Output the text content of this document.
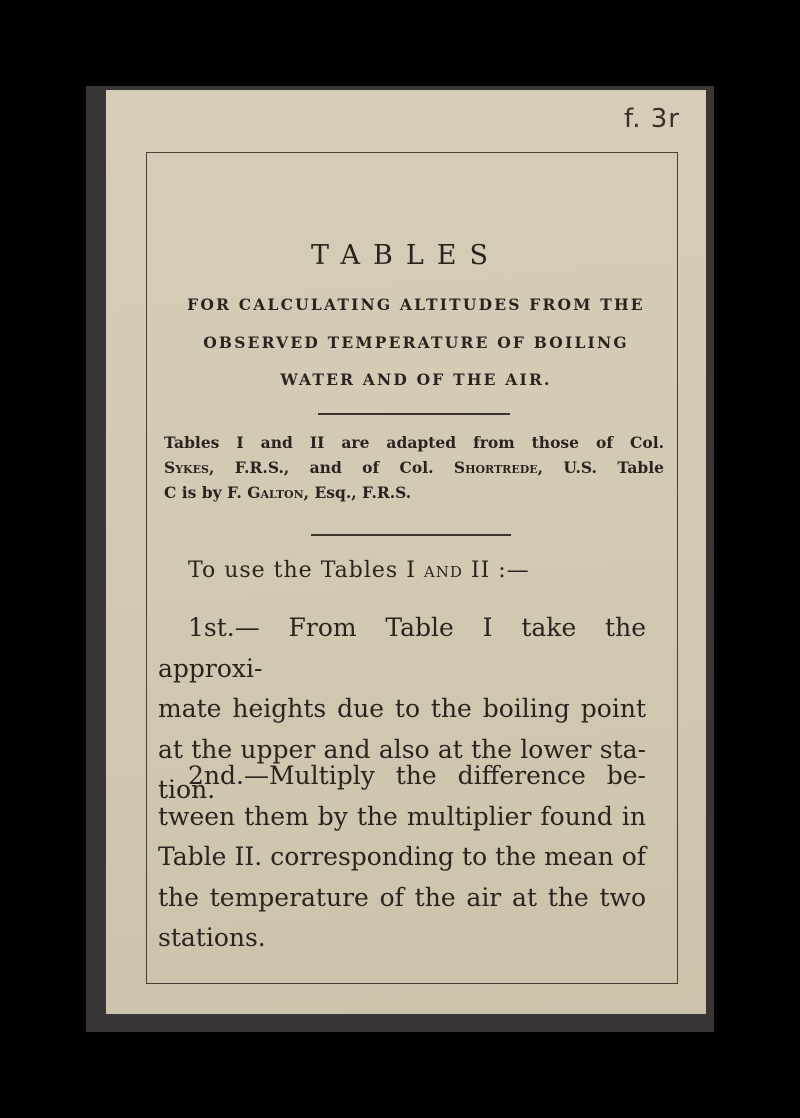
f. 3r
TABLES
FOR CALCULATING ALTITUDES FROM THE
OBSERVED TEMPERATURE OF BOILING
WATER AND OF THE AIR.
Tables I and II are adapted from those of Col.
Sykes, F.R.S., and of Col. Shortrede, U.S. Table
C is by F. Galton, Esq., F.R.S.
To use the Tables I and II :—
1st.— From Table I take the approxi-
mate heights due to the boiling point
at the upper and also at the lower sta-
tion.
2nd.—Multiply the difference be-
tween them by the multiplier found in
Table II. corresponding to the mean of
the temperature of the air at the two
stations.
